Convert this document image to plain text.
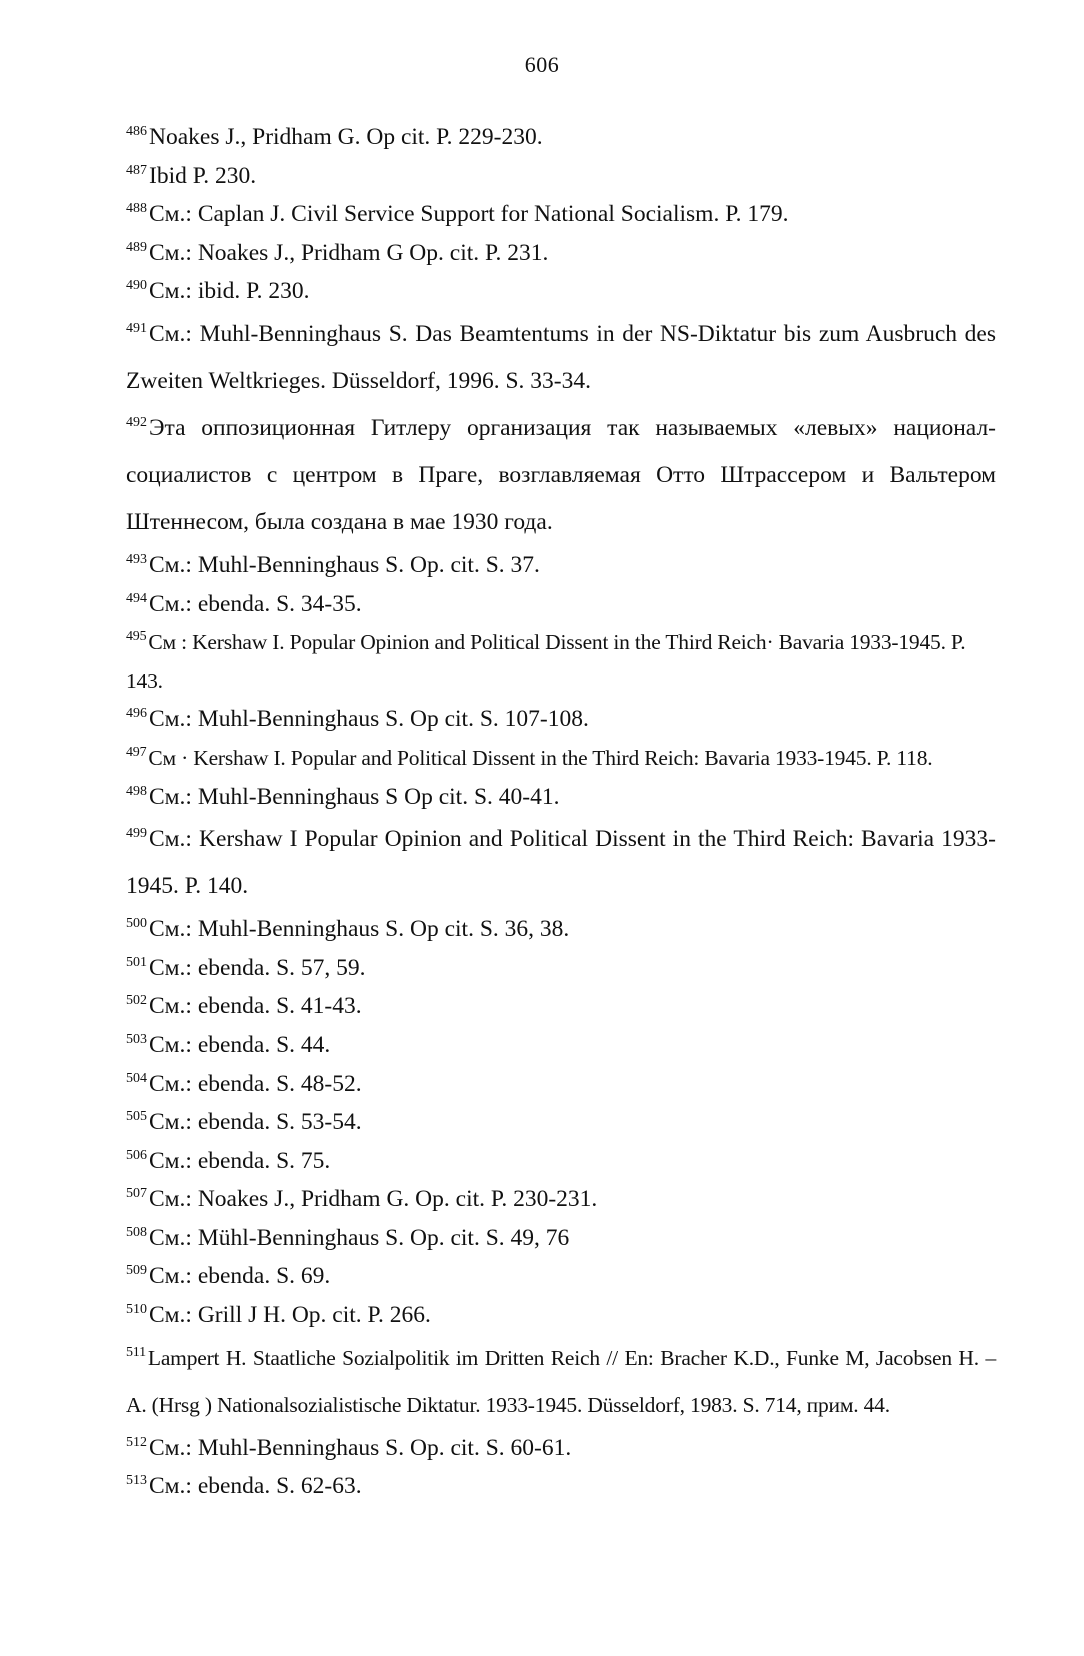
606

$^{486}$Noakes J., Pridham G. Op cit. P. 229-230.

$^{487}$Ibid P. 230.

$^{488}$См.: Caplan J. Civil Service Support for National Socialism. P. 179.

$^{489}$См.: Noakes J., Pridham G Op. cit. P. 231.

$^{490}$См.: ibid. P. 230.

$^{491}$См.: Muhl-Benninghaus S. Das Beamtentums in der NS-Diktatur bis zum Ausbruch des Zweiten Weltkrieges. Düsseldorf, 1996. S. 33-34.

$^{492}$Эта оппозиционная Гитлеру организация так называемых «левых» национал-социалистов с центром в Праге, возглавляемая Отто Штрассером и Вальтером Штеннесом, была создана в мае 1930 года.

$^{493}$См.: Muhl-Benninghaus S. Op. cit. S. 37.

$^{494}$См.: ebenda. S. 34-35.

$^{495}$См : Kershaw I. Popular Opinion and Political Dissent in the Third Reich· Bavaria 1933-1945. P. 143.

$^{496}$См.: Muhl-Benninghaus S. Op cit. S. 107-108.

$^{497}$См · Kershaw I. Popular and Political Dissent in the Third Reich: Bavaria 1933-1945. P. 118.

$^{498}$См.: Muhl-Benninghaus S Op cit. S. 40-41.

$^{499}$См.: Kershaw I Popular Opinion and Political Dissent in the Third Reich: Bavaria 1933-1945. P. 140.

$^{500}$См.: Muhl-Benninghaus S. Op cit. S. 36, 38.

$^{501}$См.: ebenda. S. 57, 59.

$^{502}$См.: ebenda. S. 41-43.

$^{503}$См.: ebenda. S. 44.

$^{504}$См.: ebenda. S. 48-52.

$^{505}$См.: ebenda. S. 53-54.

$^{506}$См.: ebenda. S. 75.

$^{507}$См.: Noakes J., Pridham G. Op. cit. P. 230-231.

$^{508}$См.: Mühl-Benninghaus S. Op. cit. S. 49, 76

$^{509}$См.: ebenda. S. 69.

$^{510}$См.: Grill J H. Op. cit. P. 266.

$^{511}$Lampert H. Staatliche Sozialpolitik im Dritten Reich // En: Bracher K.D., Funke M, Jacobsen H. – A. (Hrsg ) Nationalsozialistische Diktatur. 1933-1945. Düsseldorf, 1983. S. 714, прим. 44.

$^{512}$См.: Muhl-Benninghaus S. Op. cit. S. 60-61.

$^{513}$См.: ebenda. S. 62-63.
